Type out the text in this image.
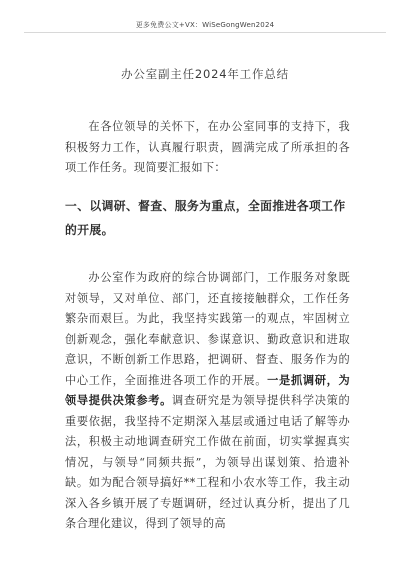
更多免费公文+VX：WiSeGongWen2024
办公室副主任2024年工作总结

在各位领导的关怀下，在办公室同事的支持下，我积极努力工作，认真履行职责，圆满完成了所承担的各项工作任务。现简要汇报如下：

一、以调研、督查、服务为重点，全面推进各项工作的开展。

办公室作为政府的综合协调部门，工作服务对象既对领导，又对单位、部门，还直接接触群众，工作任务繁杂而艰巨。为此，我坚持实践第一的观点，牢固树立创新观念，强化奉献意识、参谋意识、勤政意识和进取意识，不断创新工作思路，把调研、督查、服务作为的中心工作，全面推进各项工作的开展。一是抓调研，为领导提供决策参考。调查研究是为领导提供科学决策的重要依据，我坚持不定期深入基层或通过电话了解等办法，积极主动地调查研究工作做在前面，切实掌握真实情况，与领导“同频共振”，为领导出谋划策、拾遗补缺。如为配合领导搞好**工程和小农水等工作，我主动深入各乡镇开展了专题调研，经过认真分析，提出了几条合理化建议，得到了领导的高
